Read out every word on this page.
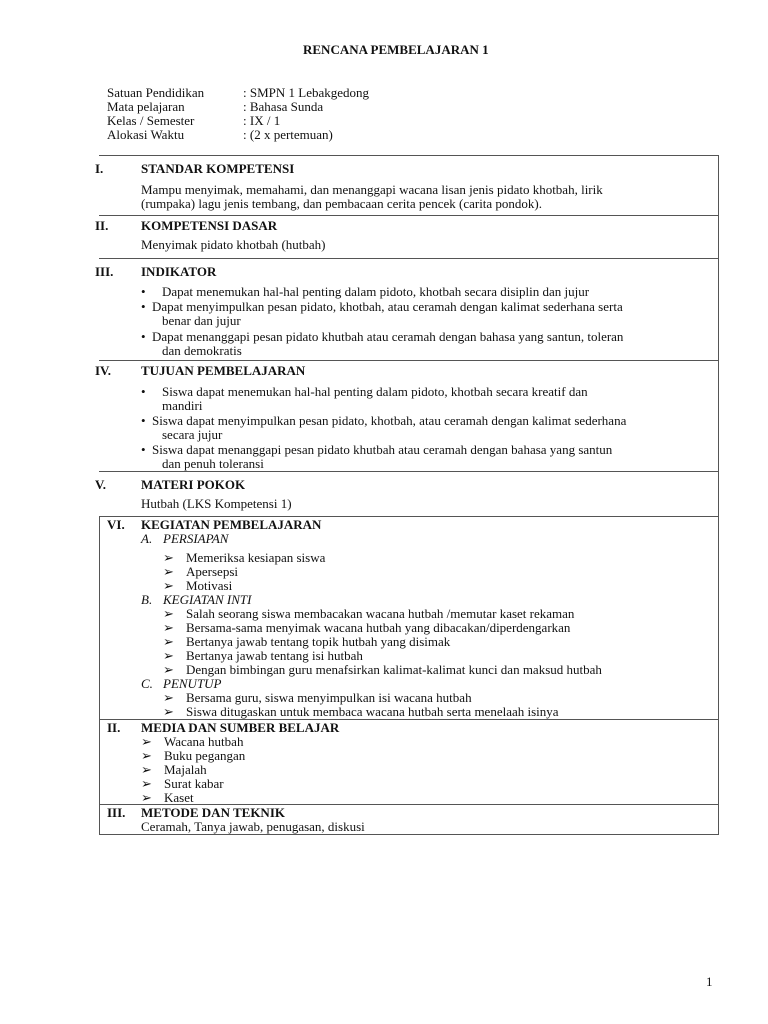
RENCANA PEMBELAJARAN 1
Satuan Pendidikan	: SMPN 1 Lebakgedong
Mata pelajaran	: Bahasa Sunda
Kelas / Semester	: IX / 1
Alokasi Waktu	: (2 x pertemuan)
I.	STANDAR KOMPETENSI
Mampu menyimak, memahami, dan menanggapi wacana lisan jenis pidato khotbah, lirik
(rumpaka) lagu jenis tembang, dan pembacaan cerita pencek (carita pondok).
II.	KOMPETENSI DASAR
Menyimak pidato khotbah (hutbah)
III. INDIKATOR
• Dapat menemukan hal-hal penting dalam pidoto, khotbah secara disiplin dan jujur
• Dapat menyimpulkan pesan pidato, khotbah, atau ceramah dengan kalimat sederhana serta
benar dan jujur
• Dapat menanggapi pesan pidato khutbah atau ceramah dengan bahasa yang santun, toleran
dan demokratis
IV. TUJUAN PEMBELAJARAN
• Siswa dapat menemukan hal-hal penting dalam pidoto, khotbah secara kreatif dan
mandiri
• Siswa dapat menyimpulkan pesan pidato, khotbah, atau ceramah dengan kalimat sederhana
secara jujur
• Siswa dapat menanggapi pesan pidato khutbah atau ceramah dengan bahasa yang santun
dan penuh toleransi
V.	MATERI POKOK
Hutbah (LKS Kompetensi 1)
VI. KEGIATAN PEMBELAJARAN
A. PERSIAPAN
➢ Memeriksa kesiapan siswa
➢ Apersepsi
➢ Motivasi
B. KEGIATAN INTI
➢ Salah seorang siswa membacakan wacana hutbah /memutar kaset rekaman
➢ Bersama-sama menyimak wacana hutbah yang dibacakan/diperdengarkan
➢ Bertanya jawab tentang topik hutbah yang disimak
➢ Bertanya jawab tentang isi hutbah
➢ Dengan bimbingan guru menafsirkan kalimat-kalimat kunci dan maksud hutbah
C. PENUTUP
➢ Bersama guru, siswa menyimpulkan isi wacana hutbah
➢ Siswa ditugaskan untuk membaca wacana hutbah serta menelaah isinya
II. MEDIA DAN SUMBER BELAJAR
➢ Wacana hutbah
➢ Buku pegangan
➢ Majalah
➢ Surat kabar
➢ Kaset
III. METODE DAN TEKNIK
Ceramah, Tanya jawab, penugasan, diskusi
1
